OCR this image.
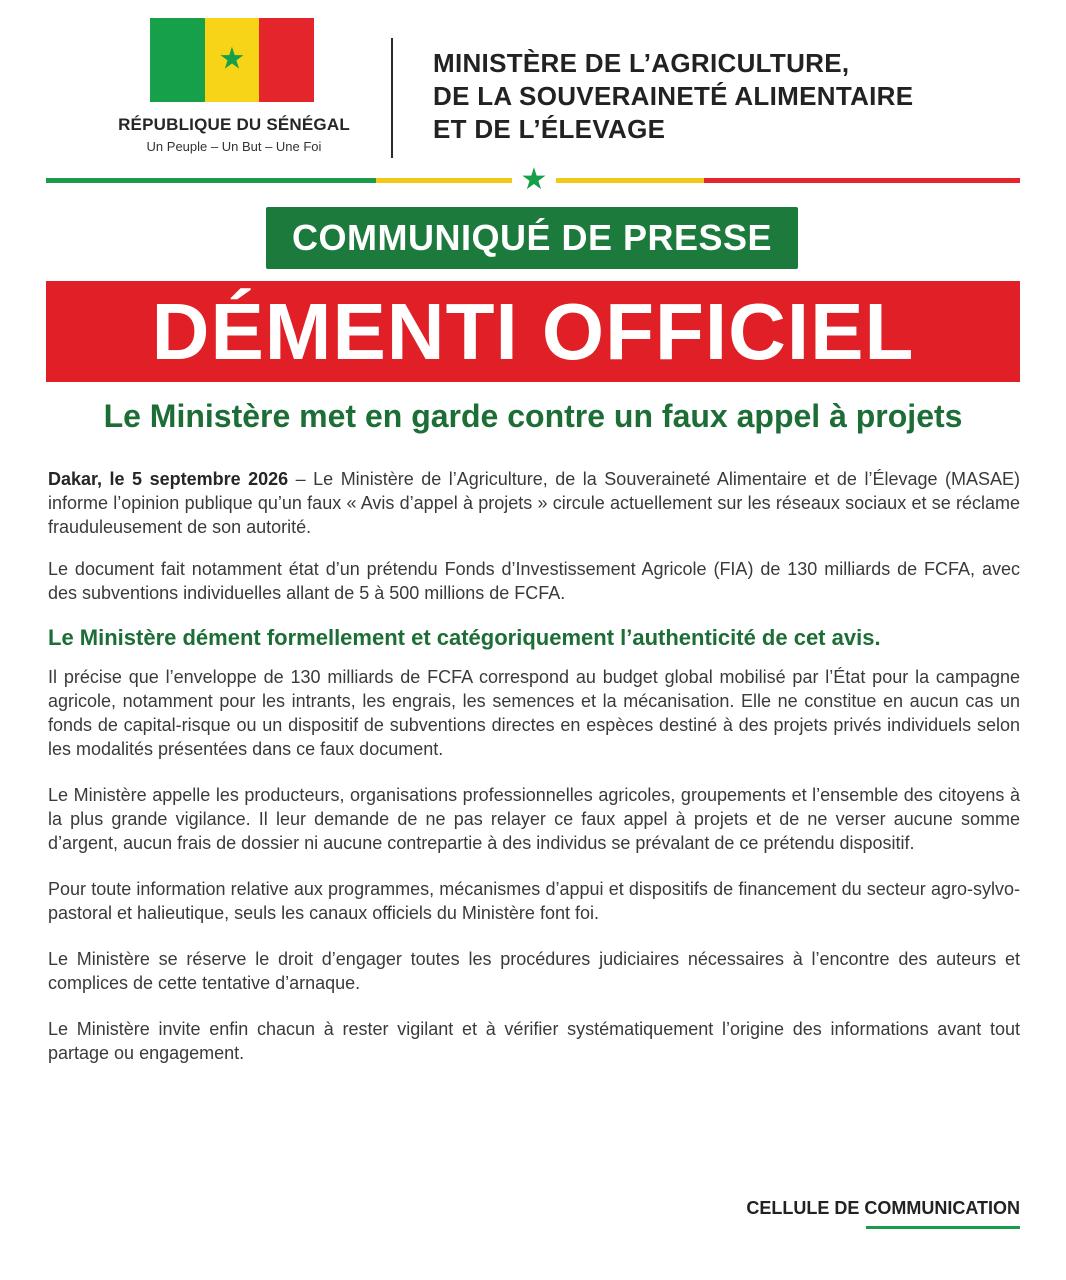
★
RÉPUBLIQUE DU SÉNÉGAL
Un Peuple – Un But – Une Foi
MINISTÈRE DE L’AGRICULTURE,
DE LA SOUVERAINETÉ ALIMENTAIRE
ET DE L’ÉLEVAGE
★
COMMUNIQUÉ DE PRESSE
DÉMENTI OFFICIEL
Le Ministère met en garde contre un faux appel à projets

Dakar, le 5 septembre 2026 – Le Ministère de l’Agriculture, de la Souveraineté Alimentaire et de l’Élevage (MASAE) informe l’opinion publique qu’un faux « Avis d’appel à projets » circule actuellement sur les réseaux sociaux et se réclame frauduleusement de son autorité.

Le document fait notamment état d’un prétendu Fonds d’Investissement Agricole (FIA) de 130 milliards de FCFA, avec des subventions individuelles allant de 5 à 500 millions de FCFA.

Le Ministère dément formellement et catégoriquement l’authenticité de cet avis.

Il précise que l’enveloppe de 130 milliards de FCFA correspond au budget global mobilisé par l’État pour la campagne agricole, notamment pour les intrants, les engrais, les semences et la mécanisation. Elle ne constitue en aucun cas un fonds de capital-risque ou un dispositif de subventions directes en espèces destiné à des projets privés individuels selon les modalités présentées dans ce faux document.

Le Ministère appelle les producteurs, organisations professionnelles agricoles, groupements et l’ensemble des citoyens à la plus grande vigilance. Il leur demande de ne pas relayer ce faux appel à projets et de ne verser aucune somme d’argent, aucun frais de dossier ni aucune contrepartie à des individus se prévalant de ce prétendu dispositif.

Pour toute information relative aux programmes, mécanismes d’appui et dispositifs de financement du secteur agro-sylvo-pastoral et halieutique, seuls les canaux officiels du Ministère font foi.

Le Ministère se réserve le droit d’engager toutes les procédures judiciaires nécessaires à l’encontre des auteurs et complices de cette tentative d’arnaque.

Le Ministère invite enfin chacun à rester vigilant et à vérifier systématiquement l’origine des informations avant tout partage ou engagement.

CELLULE DE COMMUNICATION
